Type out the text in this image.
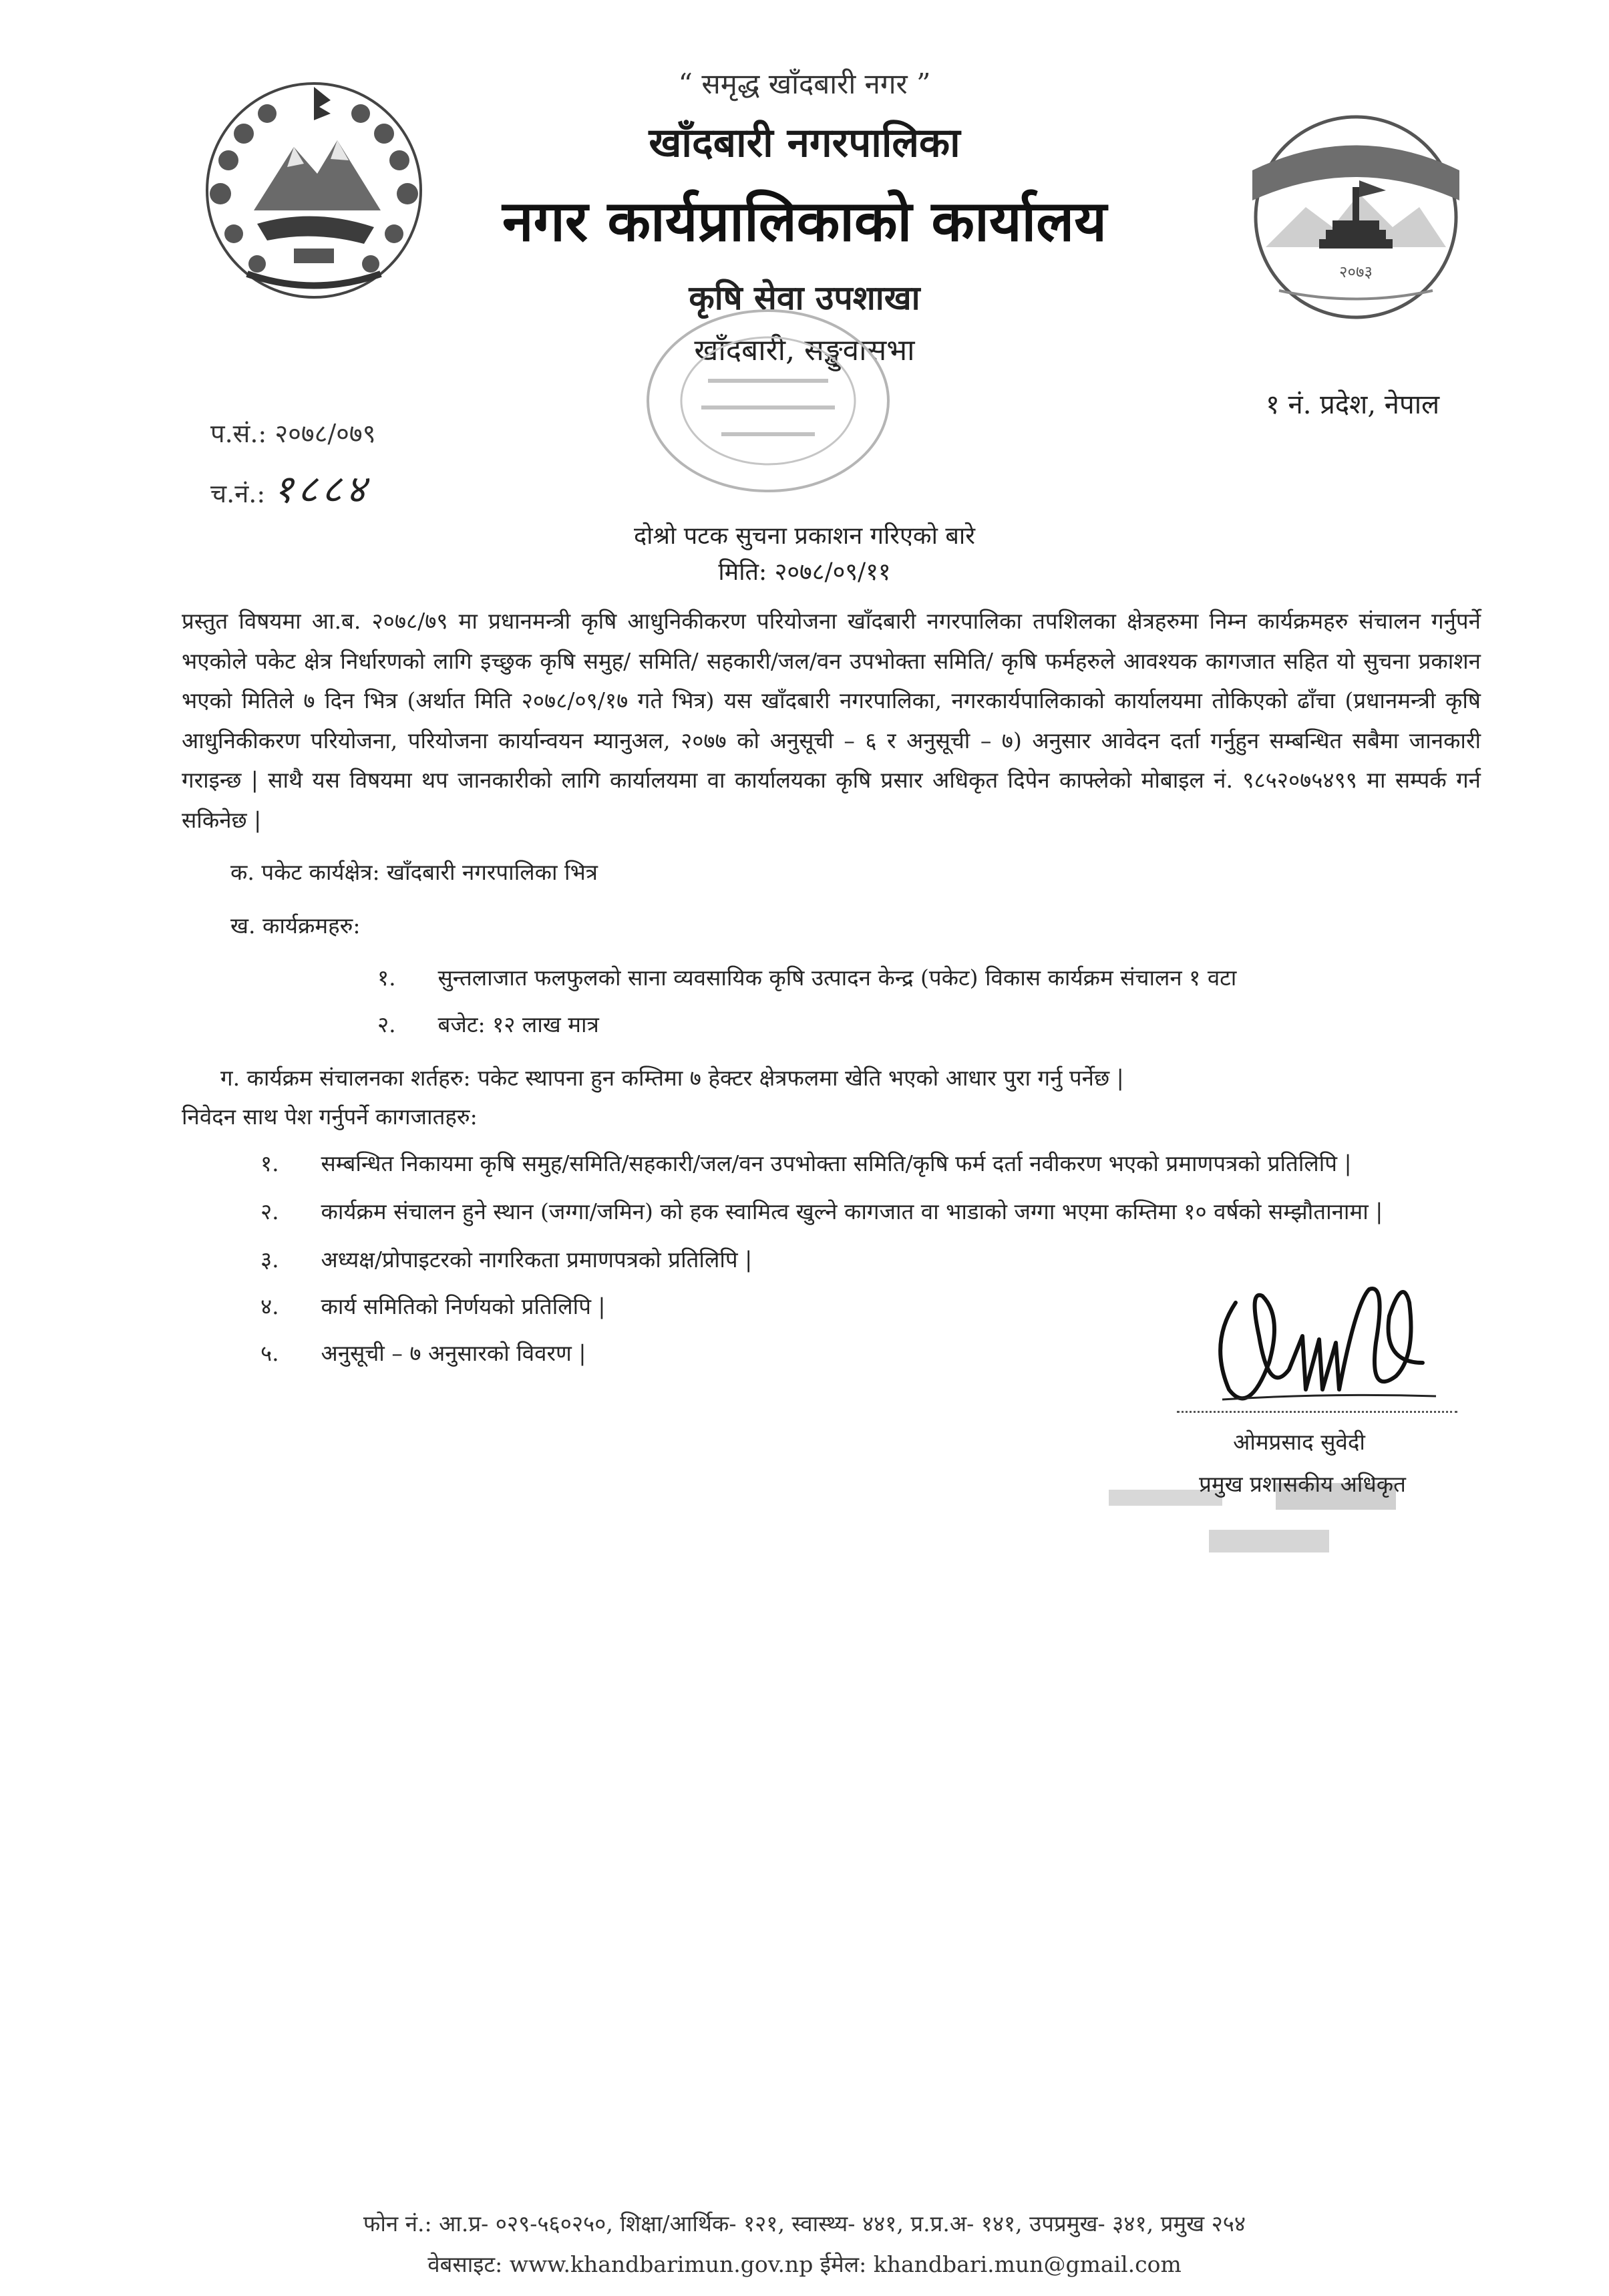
“ समृद्ध खाँदबारी नगर ”
खाँदबारी नगरपालिका
नगर कार्यप्रालिकाको कार्यालय
कृषि सेवा उपशाखा
खाँदबारी, सङ्खुवासभा
१ नं. प्रदेश, नेपाल
२०७३
प.सं.: २०७८/०७९
च.नं.: १८८४
दोश्रो पटक सुचना प्रकाशन गरिएको बारे
मिति: २०७८/०९/११
प्रस्तुत विषयमा आ.ब. २०७८/७९ मा प्रधानमन्त्री कृषि आधुनिकीकरण परियोजना खाँदबारी नगरपालिका तपशिलका क्षेत्रहरुमा निम्न कार्यक्रमहरु संचालन गर्नुपर्ने भएकोले पकेट क्षेत्र निर्धारणको लागि इच्छुक कृषि समुह/ समिति/ सहकारी/जल/वन उपभोक्ता समिति/ कृषि फर्महरुले आवश्यक कागजात सहित यो सुचना प्रकाशन भएको मितिले ७ दिन भित्र (अर्थात मिति २०७८/०९/१७ गते भित्र) यस खाँदबारी नगरपालिका, नगरकार्यपालिकाको कार्यालयमा तोकिएको ढाँचा (प्रधानमन्त्री कृषि आधुनिकीकरण परियोजना, परियोजना कार्यान्वयन म्यानुअल, २०७७ को अनुसूची – ६ र अनुसूची – ७) अनुसार आवेदन दर्ता गर्नुहुन सम्बन्धित सबैमा जानकारी गराइन्छ | साथै यस विषयमा थप जानकारीको लागि कार्यालयमा वा कार्यालयका कृषि प्रसार अधिकृत दिपेन काफ्लेको मोबाइल नं. ९८५२०७५४९९ मा सम्पर्क गर्न सकिनेछ |
क. पकेट कार्यक्षेत्र: खाँदबारी नगरपालिका भित्र
ख. कार्यक्रमहरु:
१. सुन्तलाजात फलफुलको साना व्यवसायिक कृषि उत्पादन केन्द्र (पकेट) विकास कार्यक्रम संचालन १ वटा
२. बजेट: १२ लाख मात्र
ग. कार्यक्रम संचालनका शर्तहरु: पकेट स्थापना हुन कम्तिमा ७ हेक्टर क्षेत्रफलमा खेति भएको आधार पुरा गर्नु पर्नेछ |
निवेदन साथ पेश गर्नुपर्ने कागजातहरु:
१. सम्बन्धित निकायमा कृषि समुह/समिति/सहकारी/जल/वन उपभोक्ता समिति/कृषि फर्म दर्ता नवीकरण भएको प्रमाणपत्रको प्रतिलिपि |
२. कार्यक्रम संचालन हुने स्थान (जग्गा/जमिन) को हक स्वामित्व खुल्ने कागजात वा भाडाको जग्गा भएमा कम्तिमा १० वर्षको सम्झौतानामा |
३. अध्यक्ष/प्रोपाइटरको नागरिकता प्रमाणपत्रको प्रतिलिपि |
४. कार्य समितिको निर्णयको प्रतिलिपि |
५. अनुसूची – ७ अनुसारको विवरण |
ओमप्रसाद सुवेदी
प्रमुख प्रशासकीय अधिकृत
फोन नं.: आ.प्र- ०२९-५६०२५०, शिक्षा/आर्थिक- १२१, स्वास्थ्य- ४४१, प्र.प्र.अ- १४१, उपप्रमुख- ३४१, प्रमुख २५४
वेबसाइट: www.khandbarimun.gov.np ईमेल: khandbari.mun@gmail.com
